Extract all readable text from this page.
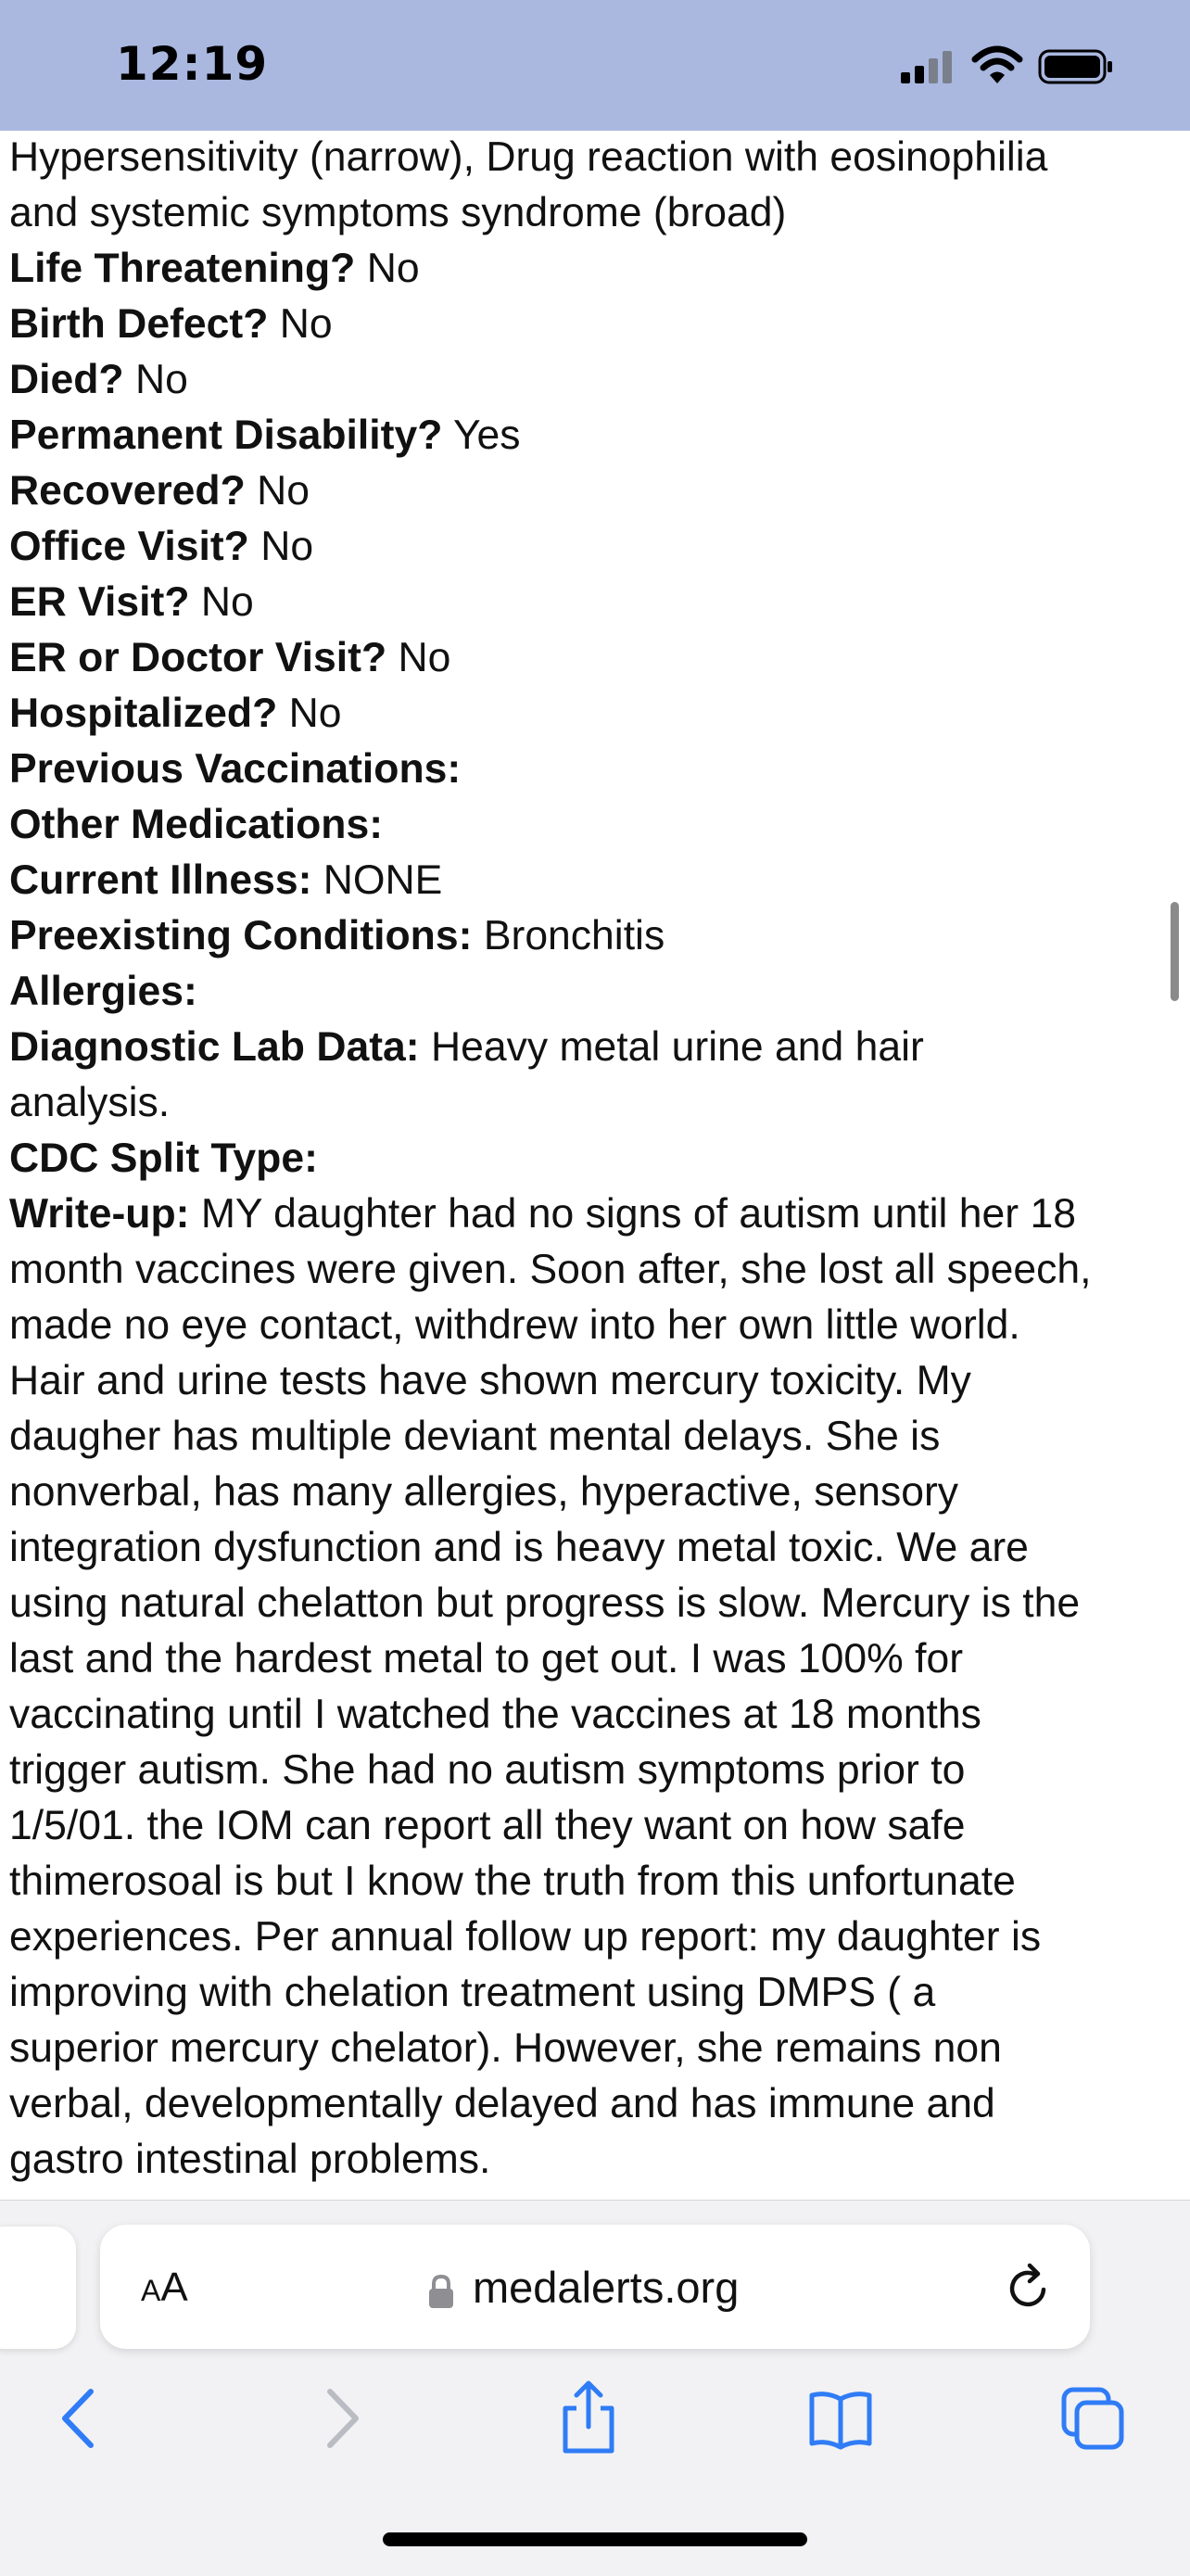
12:19
Hypersensitivity (narrow), Drug reaction with eosinophilia
and systemic symptoms syndrome (broad)
Life Threatening? No
Birth Defect? No
Died? No
Permanent Disability? Yes
Recovered? No
Office Visit? No
ER Visit? No
ER or Doctor Visit? No
Hospitalized? No
Previous Vaccinations:
Other Medications:
Current Illness: NONE
Preexisting Conditions: Bronchitis
Allergies:
Diagnostic Lab Data: Heavy metal urine and hair
analysis.
CDC Split Type:
Write-up: MY daughter had no signs of autism until her 18
month vaccines were given. Soon after, she lost all speech,
made no eye contact, withdrew into her own little world.
Hair and urine tests have shown mercury toxicity. My
daugher has multiple deviant mental delays. She is
nonverbal, has many allergies, hyperactive, sensory
integration dysfunction and is heavy metal toxic. We are
using natural chelatton but progress is slow. Mercury is the
last and the hardest metal to get out. I was 100% for
vaccinating until I watched the vaccines at 18 months
trigger autism. She had no autism symptoms prior to
1/5/01. the IOM can report all they want on how safe
thimerosoal is but I know the truth from this unfortunate
experiences. Per annual follow up report: my daughter is
improving with chelation treatment using DMPS ( a
superior mercury chelator). However, she remains non
verbal, developmentally delayed and has immune and
gastro intestinal problems.
AA	medalerts.org
